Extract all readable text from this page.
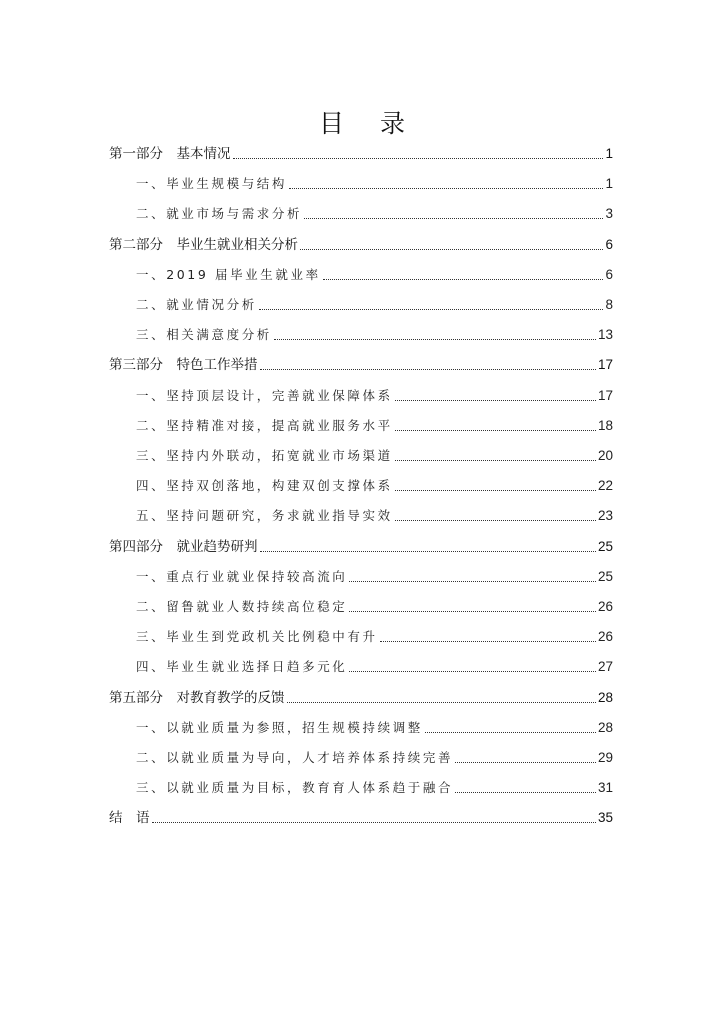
目 录
第一部分　基本情况	1
一、毕业生规模与结构	1
二、就业市场与需求分析	3
第二部分　毕业生就业相关分析	6
一、2019 届毕业生就业率	6
二、就业情况分析	8
三、相关满意度分析	13
第三部分　特色工作举措	17
一、坚持顶层设计，完善就业保障体系	17
二、坚持精准对接，提高就业服务水平	18
三、坚持内外联动，拓宽就业市场渠道	20
四、坚持双创落地，构建双创支撑体系	22
五、坚持问题研究，务求就业指导实效	23
第四部分　就业趋势研判	25
一、重点行业就业保持较高流向	25
二、留鲁就业人数持续高位稳定	26
三、毕业生到党政机关比例稳中有升	26
四、毕业生就业选择日趋多元化	27
第五部分　对教育教学的反馈	28
一、以就业质量为参照，招生规模持续调整	28
二、以就业质量为导向，人才培养体系持续完善	29
三、以就业质量为目标，教育育人体系趋于融合	31
结　语	35
